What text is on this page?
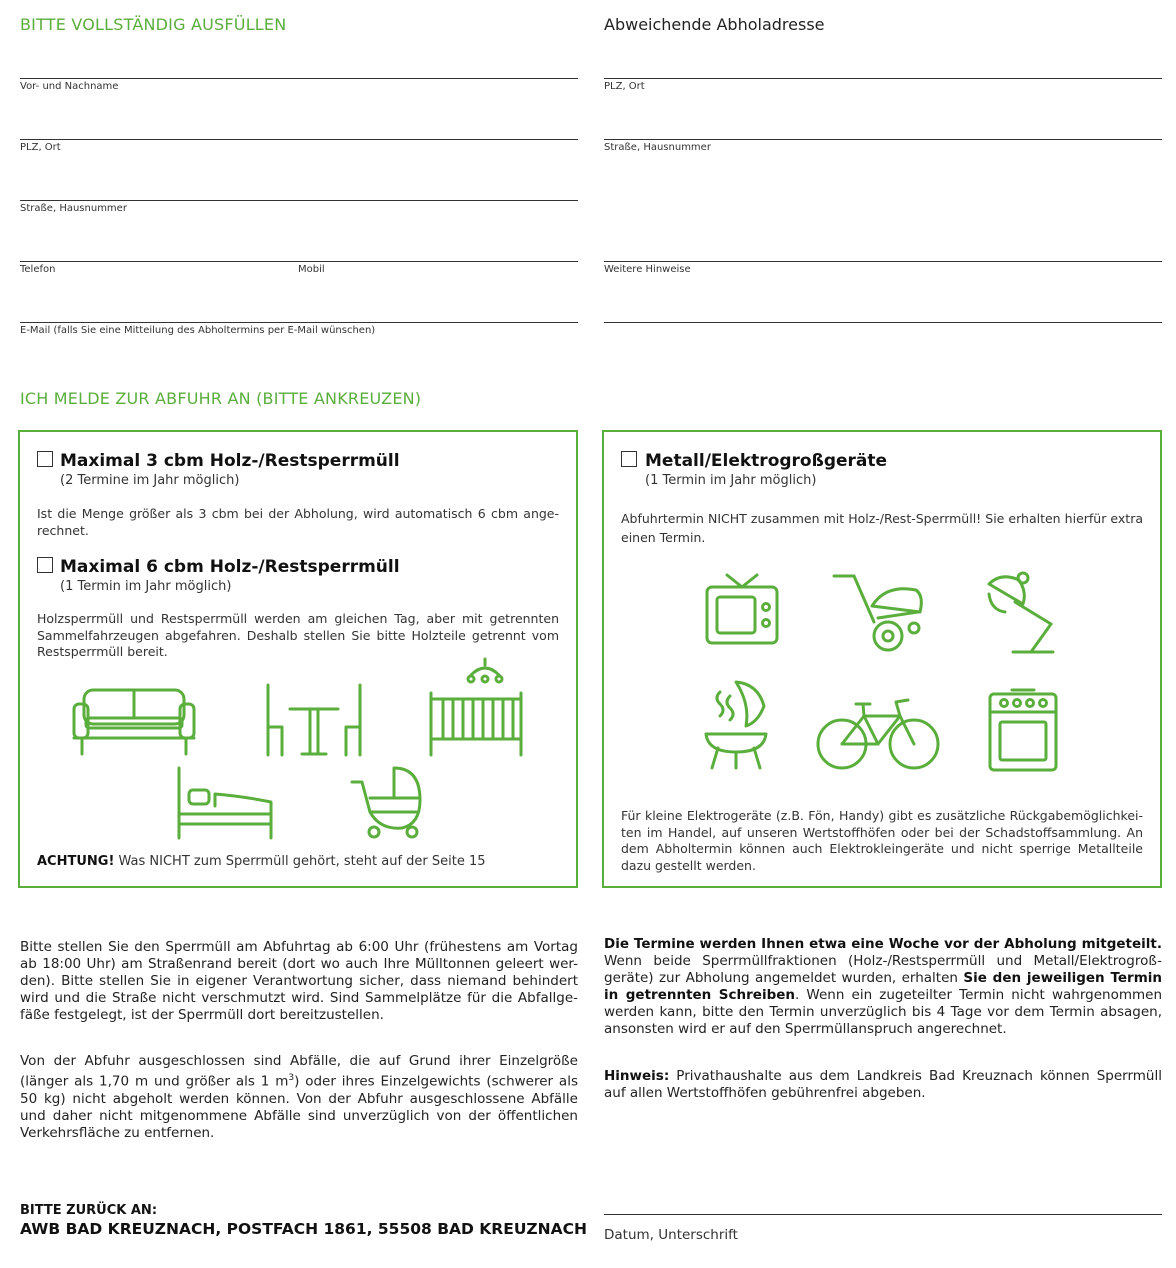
BITTE VOLLSTÄNDIG AUSFÜLLEN
Vor- und Nachname
PLZ, Ort
Straße, Hausnummer
Telefon	Mobil
E-Mail (falls Sie eine Mitteilung des Abholtermins per E-Mail wünschen)
Abweichende Abholadresse
PLZ, Ort
Straße, Hausnummer
Weitere Hinweise
ICH MELDE ZUR ABFUHR AN (BITTE ANKREUZEN)
Maximal 3 cbm Holz-/Restsperrmüll
(2 Termine im Jahr möglich)
Ist die Menge größer als 3 cbm bei der Abholung, wird automatisch 6 cbm ange-rechnet.
Maximal 6 cbm Holz-/Restsperrmüll
(1 Termin im Jahr möglich)
Holzsperrmüll und Restsperrmüll werden am gleichen Tag, aber mit getrennten Sammelfahrzeugen abgefahren. Deshalb stellen Sie bitte Holzteile getrennt vom Restsperrmüll bereit.
ACHTUNG! Was NICHT zum Sperrmüll gehört, steht auf der Seite 15
Metall/Elektrogroßgeräte
(1 Termin im Jahr möglich)
Abfuhrtermin NICHT zusammen mit Holz-/Rest-Sperrmüll! Sie erhalten hierfür extra einen Termin.
Für kleine Elektrogeräte (z.B. Fön, Handy) gibt es zusätzliche Rückgabemöglichkei-ten im Handel, auf unseren Wertstoffhöfen oder bei der Schadstoffsammlung. An dem Abholtermin können auch Elektrokleingeräte und nicht sperrige Metallteile dazu gestellt werden.
Bitte stellen Sie den Sperrmüll am Abfuhrtag ab 6:00 Uhr (frühestens am Vortag ab 18:00 Uhr) am Straßenrand bereit (dort wo auch Ihre Mülltonnen geleert wer-den). Bitte stellen Sie in eigener Verantwortung sicher, dass niemand behindert wird und die Straße nicht verschmutzt wird. Sind Sammelplätze für die Abfallge-fäße festgelegt, ist der Sperrmüll dort bereitzustellen.
Von der Abfuhr ausgeschlossen sind Abfälle, die auf Grund ihrer Einzelgröße (länger als 1,70 m und größer als 1 $m^3$) oder ihres Einzelgewichts (schwerer als 50 kg) nicht abgeholt werden können. Von der Abfuhr ausgeschlossene Abfälle und daher nicht mitgenommene Abfälle sind unverzüglich von der öffentlichen Verkehrsfläche zu entfernen.
Die Termine werden Ihnen etwa eine Woche vor der Abholung mitgeteilt. Wenn beide Sperrmüllfraktionen (Holz-/Restsperrmüll und Metall/Elektrogroß-geräte) zur Abholung angemeldet wurden, erhalten Sie den jeweiligen Termin in getrennten Schreiben. Wenn ein zugeteilter Termin nicht wahrgenommen werden kann, bitte den Termin unverzüglich bis 4 Tage vor dem Termin absagen, ansonsten wird er auf den Sperrmüllanspruch angerechnet.
Hinweis: Privathaushalte aus dem Landkreis Bad Kreuznach können Sperrmüll auf allen Wertstoffhöfen gebührenfrei abgeben.
BITTE ZURÜCK AN:
AWB BAD KREUZNACH, POSTFACH 1861, 55508 BAD KREUZNACH Datum, Unterschrift
